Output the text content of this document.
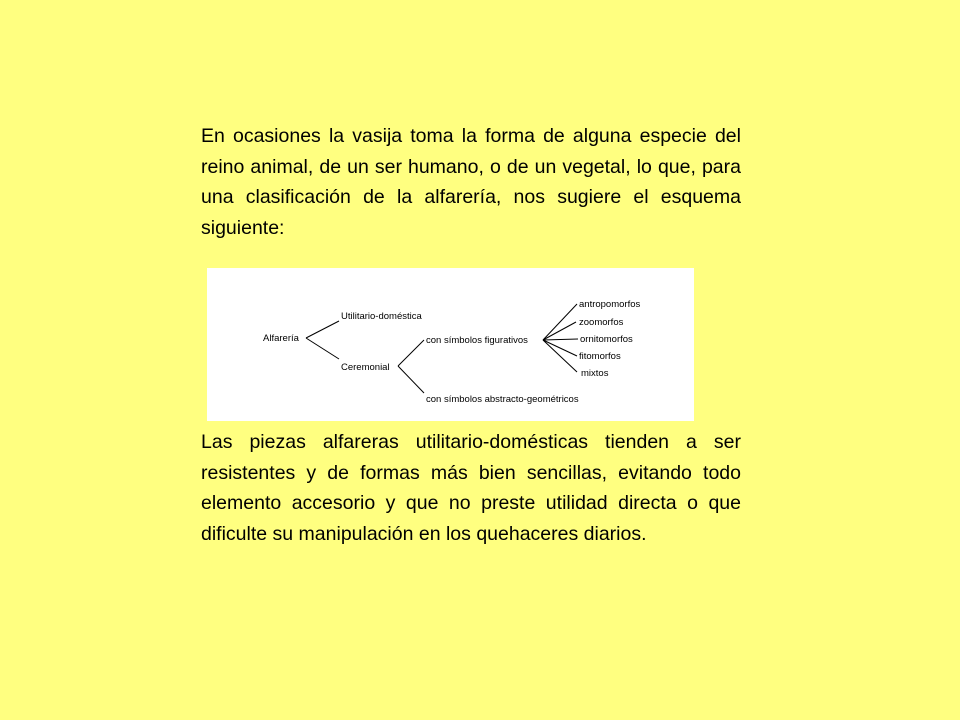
En ocasiones la vasija toma la forma de alguna especie del reino animal, de un ser humano, o de un vegetal, lo que, para una clasificación de la alfarería, nos sugiere el esquema siguiente:

Alfarería
Utilitario-doméstica
Ceremonial
con símbolos figurativos
con símbolos abstracto-geométricos
antropomorfos
zoomorfos
ornitomorfos
fitomorfos
mixtos

Las piezas alfareras utilitario-domésticas tienden a ser resistentes y de formas más bien sencillas, evitando todo elemento accesorio y que no preste utilidad directa o que dificulte su manipulación en los quehaceres diarios.
